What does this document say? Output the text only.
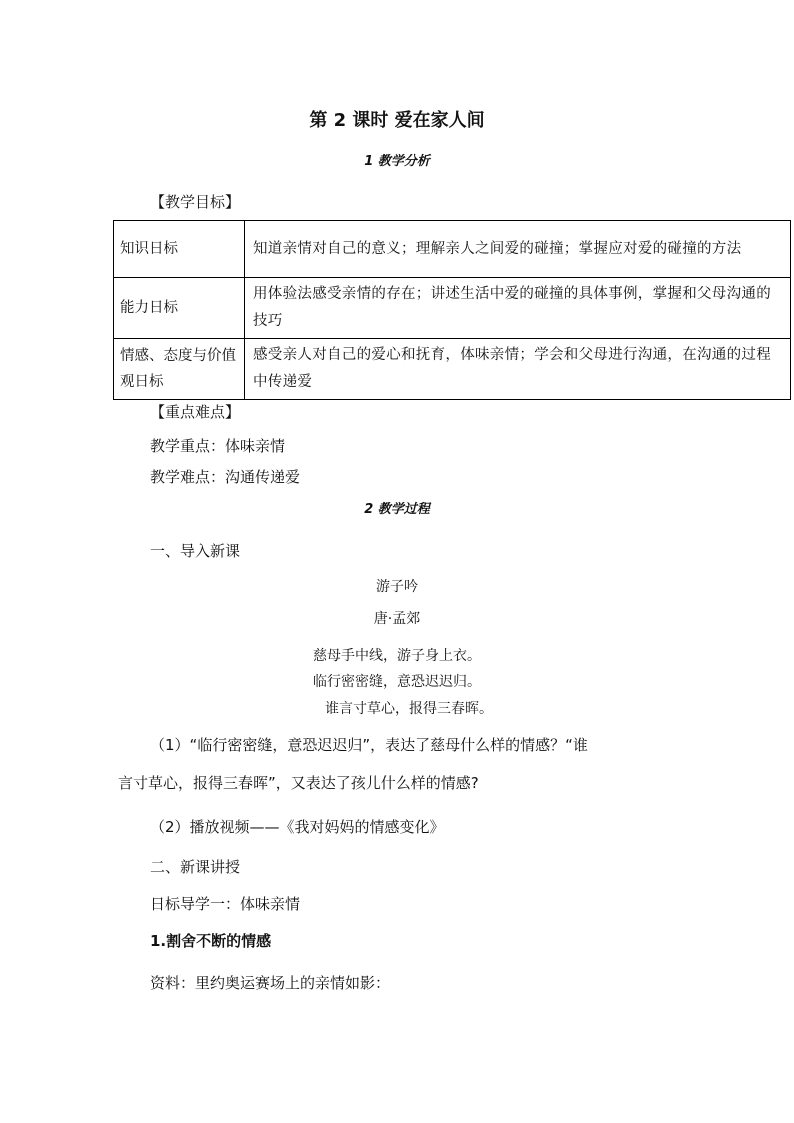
第 2 课时 爱在家人间
1 教学分析
【教学目标】
知识日标	知道亲情对自己的意义；理解亲人之间爱的碰撞；掌握应对爱的碰撞的方法
能力日标	用体验法感受亲情的存在；讲述生活中爱的碰撞的具体事例，掌握和父母沟通的技巧
情感、态度与价值观日标	感受亲人对自己的爱心和抚育，体味亲情；学会和父母进行沟通，在沟通的过程中传递爱
【重点难点】
教学重点：体味亲情
教学难点：沟通传递爱
2 教学过程
一、导入新课
游子吟
唐·孟郊
慈母手中线，游子身上衣。
临行密密缝，意恐迟迟归。
谁言寸草心，报得三春晖。
（1）“临行密密缝，意恐迟迟归”，表达了慈母什么样的情感？“谁
言寸草心，报得三春晖”，又表达了孩儿什么样的情感?
（2）播放视频——《我对妈妈的情感变化》
二、新课讲授
日标导学一：体味亲情
1.割舍不断的情感
资料：里约奥运赛场上的亲情如影：
